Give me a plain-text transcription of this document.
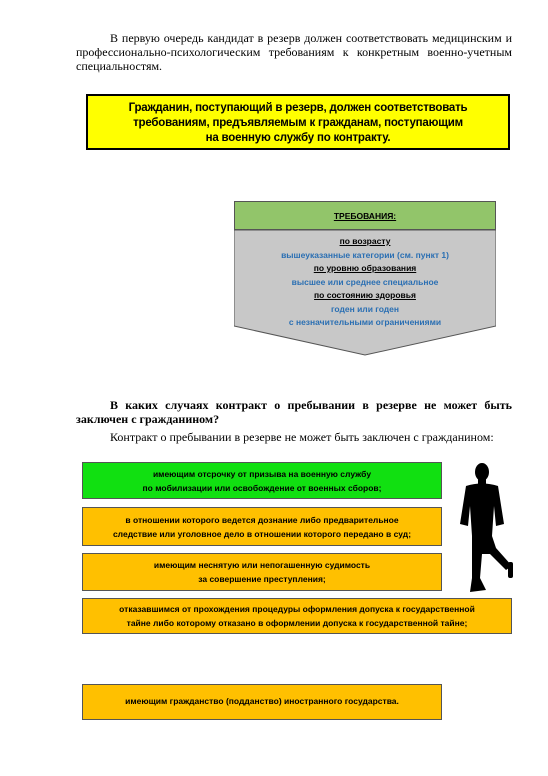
В первую очередь кандидат в резерв должен соответствовать медицинским и профессионально-психологическим требованиям к конкретным военно-учетным специальностям.

Гражданин, поступающий в резерв, должен соответствовать
требованиям, предъявляемым к гражданам, поступающим
на военную службу по контракту.
ТРЕБОВАНИЯ:
по возрасту
вышеуказанные категории (см. пункт 1)
по уровню образования
высшее или среднее специальное
по состоянию здоровья
годен или годен
с незначительными ограничениями

В каких случаях контракт о пребывании в резерве не может быть заключен с гражданином?

Контракт о пребывании в резерве не может быть заключен с гражданином:

имеющим отсрочку от призыва на военную службу
по мобилизации или освобождение от военных сборов;
в отношении которого ведется дознание либо предварительное
следствие или уголовное дело в отношении которого передано в суд;
имеющим неснятую или непогашенную судимость
за совершение преступления;
отказавшимся от прохождения процедуры оформления допуска к государственной
тайне либо которому отказано в оформлении допуска к государственной тайне;
имеющим гражданство (подданство) иностранного государства.
